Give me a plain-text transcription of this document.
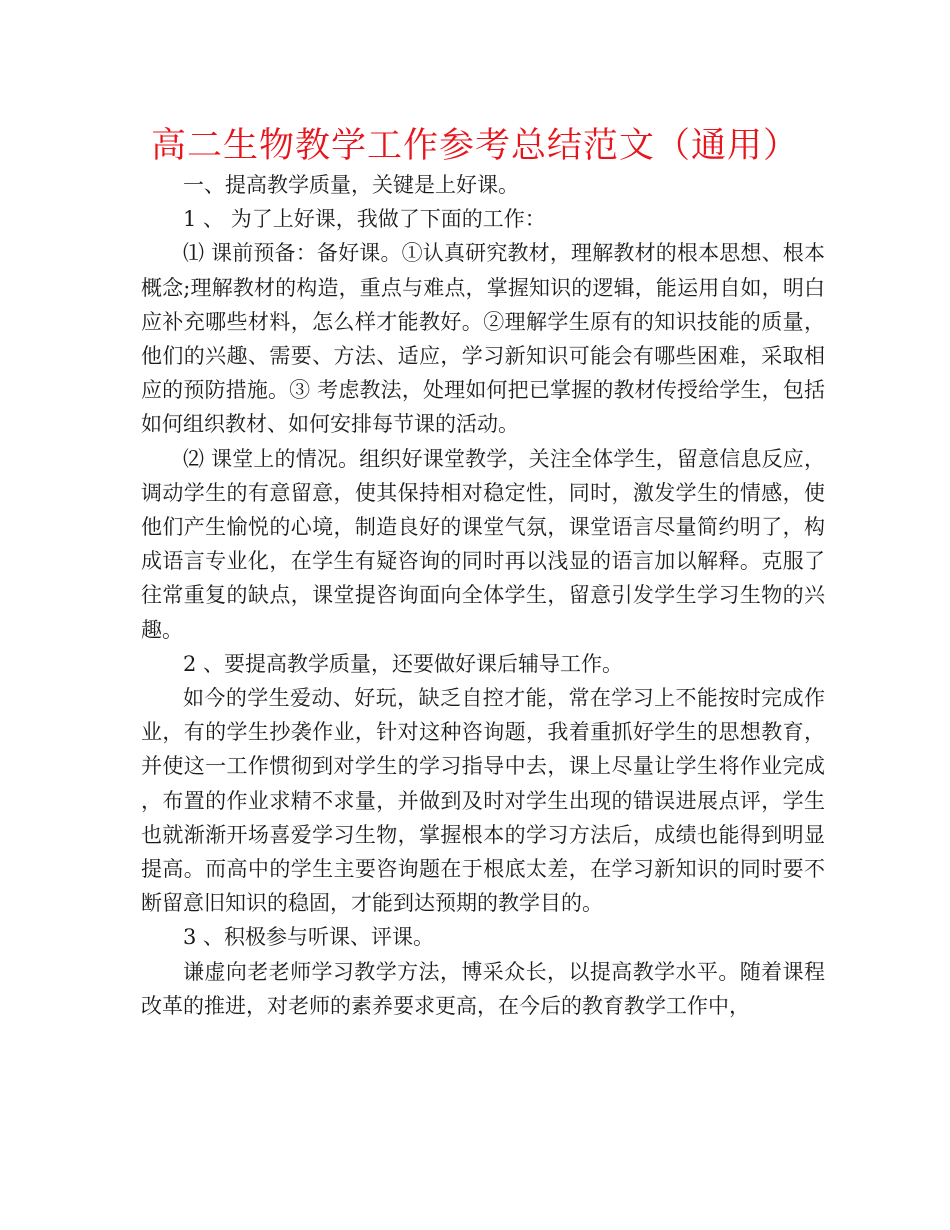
高二生物教学工作参考总结范文（通用）

一、提高教学质量，关键是上好课。

1 、 为了上好课，我做了下面的工作：

⑴ 课前预备：备好课。①认真研究教材，理解教材的根本思想、根本概念;理解教材的构造，重点与难点，掌握知识的逻辑，能运用自如，明白应补充哪些材料，怎么样才能教好。②理解学生原有的知识技能的质量，他们的兴趣、需要、方法、适应，学习新知识可能会有哪些困难，采取相应的预防措施。③ 考虑教法，处理如何把已掌握的教材传授给学生，包括如何组织教材、如何安排每节课的活动。

⑵ 课堂上的情况。组织好课堂教学，关注全体学生，留意信息反应，调动学生的有意留意，使其保持相对稳定性，同时，激发学生的情感，使他们产生愉悦的心境，制造良好的课堂气氛，课堂语言尽量简约明了，构成语言专业化，在学生有疑咨询的同时再以浅显的语言加以解释。克服了往常重复的缺点，课堂提咨询面向全体学生，留意引发学生学习生物的兴趣。

2 、要提高教学质量，还要做好课后辅导工作。

如今的学生爱动、好玩，缺乏自控才能，常在学习上不能按时完成作业，有的学生抄袭作业，针对这种咨询题，我着重抓好学生的思想教育，并使这一工作惯彻到对学生的学习指导中去，课上尽量让学生将作业完成，布置的作业求精不求量，并做到及时对学生出现的错误进展点评，学生也就渐渐开场喜爱学习生物，掌握根本的学习方法后，成绩也能得到明显提高。而高中的学生主要咨询题在于根底太差，在学习新知识的同时要不断留意旧知识的稳固，才能到达预期的教学目的。

3 、积极参与听课、评课。

谦虚向老老师学习教学方法，博采众长，以提高教学水平。随着课程改革的推进，对老师的素养要求更高，在今后的教育教学工作中，
